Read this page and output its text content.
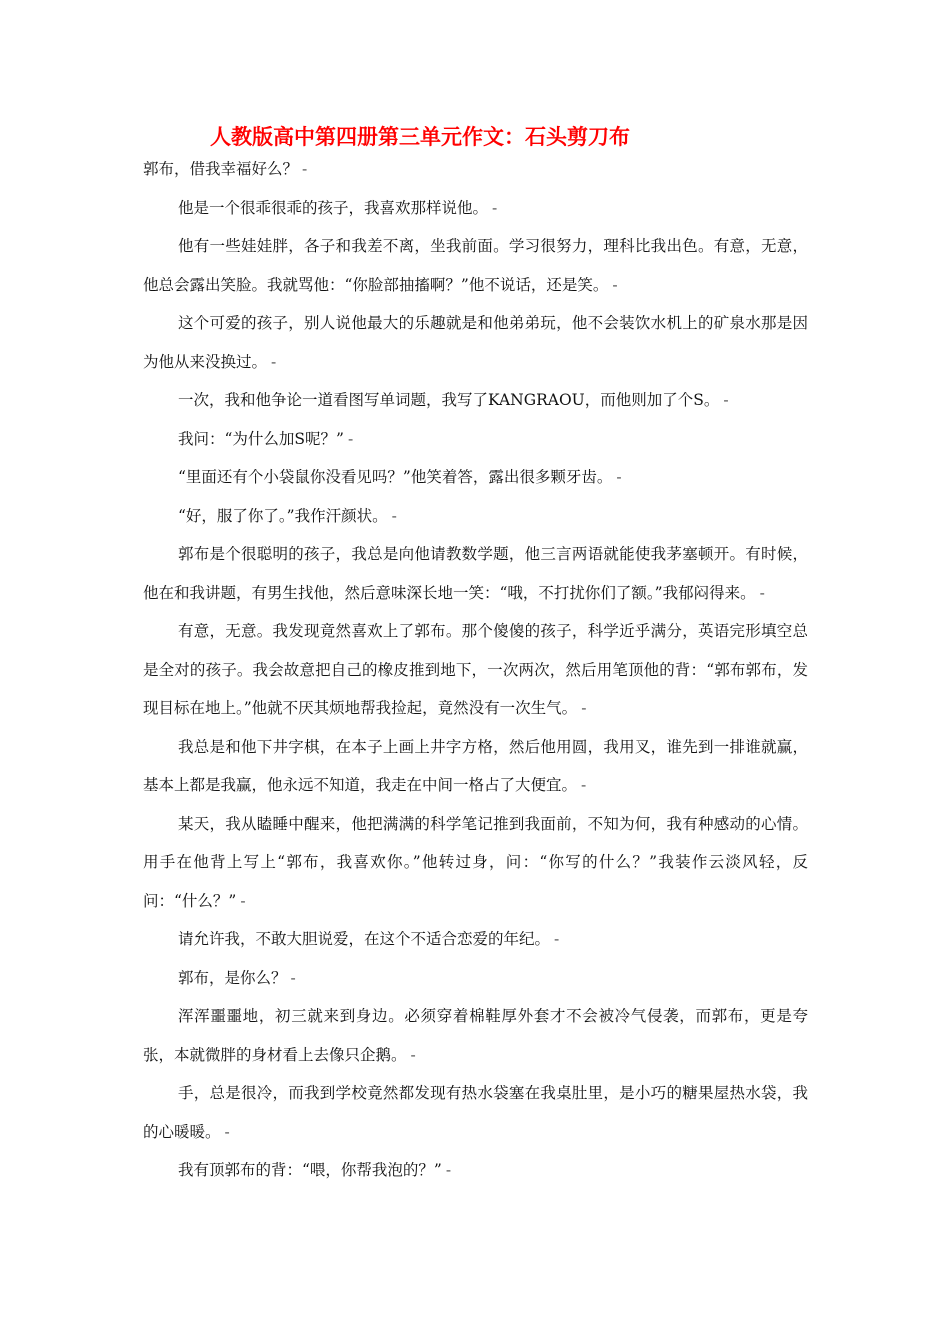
人教版高中第四册第三单元作文：石头剪刀布

郭布，借我幸福好么？ -

他是一个很乖很乖的孩子，我喜欢那样说他。 -

他有一些娃娃胖，各子和我差不离，坐我前面。学习很努力，理科比我出色。有意，无意，他总会露出笑脸。我就骂他：“你脸部抽搐啊？”他不说话，还是笑。 -

这个可爱的孩子，别人说他最大的乐趣就是和他弟弟玩，他不会装饮水机上的矿泉水那是因为他从来没换过。 -

一次，我和他争论一道看图写单词题，我写了KANGRAOU，而他则加了个S。 -

我问：“为什么加S呢？” -

“里面还有个小袋鼠你没看见吗？”他笑着答，露出很多颗牙齿。 -

“好，服了你了。”我作汗颜状。 -

郭布是个很聪明的孩子，我总是向他请教数学题，他三言两语就能使我茅塞顿开。有时候，他在和我讲题，有男生找他，然后意味深长地一笑：“哦，不打扰你们了额。”我郁闷得来。 -

有意，无意。我发现竟然喜欢上了郭布。那个傻傻的孩子，科学近乎满分，英语完形填空总是全对的孩子。我会故意把自己的橡皮推到地下，一次两次，然后用笔顶他的背：“郭布郭布，发现目标在地上。”他就不厌其烦地帮我捡起，竟然没有一次生气。 -

我总是和他下井字棋，在本子上画上井字方格，然后他用圆，我用叉，谁先到一排谁就赢，基本上都是我赢，他永远不知道，我走在中间一格占了大便宜。 -

某天，我从瞌睡中醒来，他把满满的科学笔记推到我面前，不知为何，我有种感动的心情。用手在他背上写上“郭布，我喜欢你。”他转过身，问：“你写的什么？”我装作云淡风轻，反问：“什么？” -

请允许我，不敢大胆说爱，在这个不适合恋爱的年纪。 -

郭布，是你么？ -

浑浑噩噩地，初三就来到身边。必须穿着棉鞋厚外套才不会被冷气侵袭，而郭布，更是夸张，本就微胖的身材看上去像只企鹅。 -

手，总是很冷，而我到学校竟然都发现有热水袋塞在我桌肚里，是小巧的糖果屋热水袋，我的心暖暖。 -

我有顶郭布的背：“喂，你帮我泡的？” -
